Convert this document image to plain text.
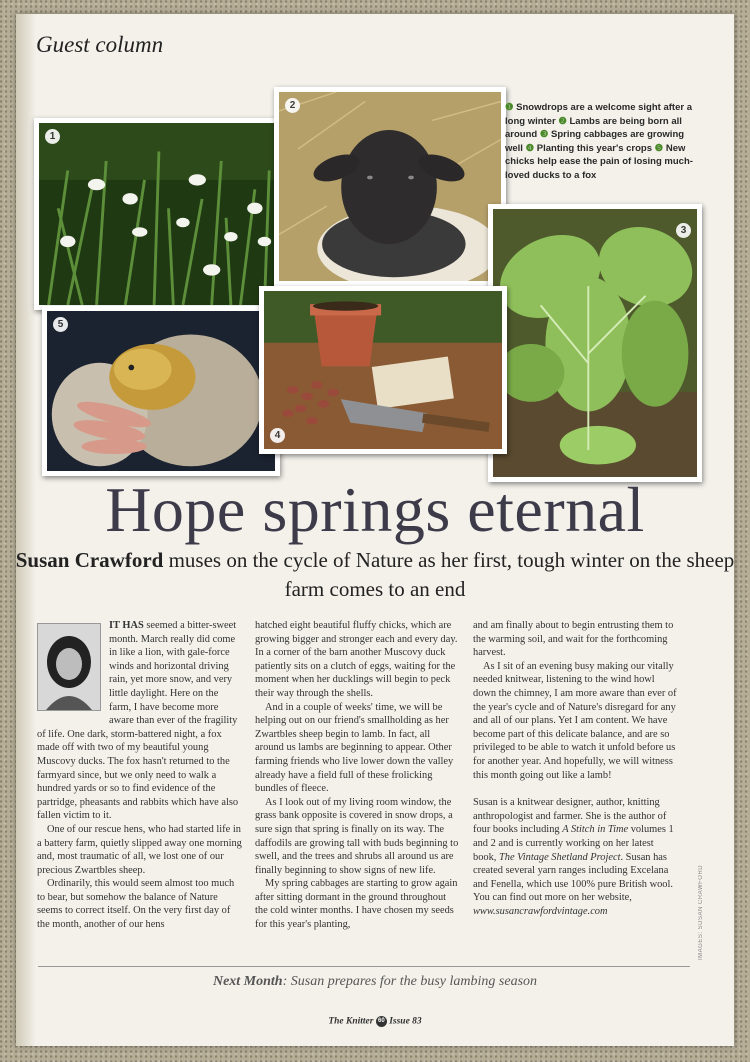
Guest column
1
2
3
5
4
❶ Snowdrops are a welcome sight after a long winter ❷ Lambs are being born all around ❸ Spring cabbages are growing well ❹ Planting this year's crops ❺ New chicks help ease the pain of losing much-loved ducks to a fox
Hope springs eternal
Susan Crawford muses on the cycle of Nature as her first, tough winter on the sheep farm comes to an end

IT HAS seemed a bitter-sweet month. March really did come in like a lion, with gale-force winds and horizontal driving rain, yet more snow, and very little daylight. Here on the farm, I have become more aware than ever of the fragility of life. One dark, storm-battered night, a fox made off with two of my beautiful young Muscovy ducks. The fox hasn't returned to the farmyard since, but we only need to walk a hundred yards or so to find evidence of the partridge, pheasants and rabbits which have also fallen victim to it.

One of our rescue hens, who had started life in a battery farm, quietly slipped away one morning and, most traumatic of all, we lost one of our precious Zwartbles sheep.

Ordinarily, this would seem almost too much to bear, but somehow the balance of Nature seems to correct itself. On the very first day of the month, another of our hens

hatched eight beautiful fluffy chicks, which are growing bigger and stronger each and every day. In a corner of the barn another Muscovy duck patiently sits on a clutch of eggs, waiting for the moment when her ducklings will begin to peck their way through the shells.

And in a couple of weeks' time, we will be helping out on our friend's smallholding as her Zwartbles sheep begin to lamb. In fact, all around us lambs are beginning to appear. Other farming friends who live lower down the valley already have a field full of these frolicking bundles of fleece.

As I look out of my living room window, the grass bank opposite is covered in snow drops, a sure sign that spring is finally on its way. The daffodils are growing tall with buds beginning to swell, and the trees and shrubs all around us are finally beginning to show signs of new life.

My spring cabbages are starting to grow again after sitting dormant in the ground throughout the cold winter months. I have chosen my seeds for this year's planting,

and am finally about to begin entrusting them to the warming soil, and wait for the forthcoming harvest.

As I sit of an evening busy making our vitally needed knitwear, listening to the wind howl down the chimney, I am more aware than ever of the year's cycle and of Nature's disregard for any and all of our plans. Yet I am content. We have become part of this delicate balance, and are so privileged to be able to watch it unfold before us for another year. And hopefully, we will witness this month going out like a lamb!

Susan is a knitwear designer, author, knitting anthropologist and farmer. She is the author of four books including A Stitch in Time volumes 1 and 2 and is currently working on her latest book, The Vintage Shetland Project. Susan has created several yarn ranges including Excelana and Fenella, which use 100% pure British wool. You can find out more on her website, www.susancrawfordvintage.com	IMAGES: SUSAN CRAWFORD
Next Month: Susan prepares for the busy lambing season
The Knitter 60 Issue 83
